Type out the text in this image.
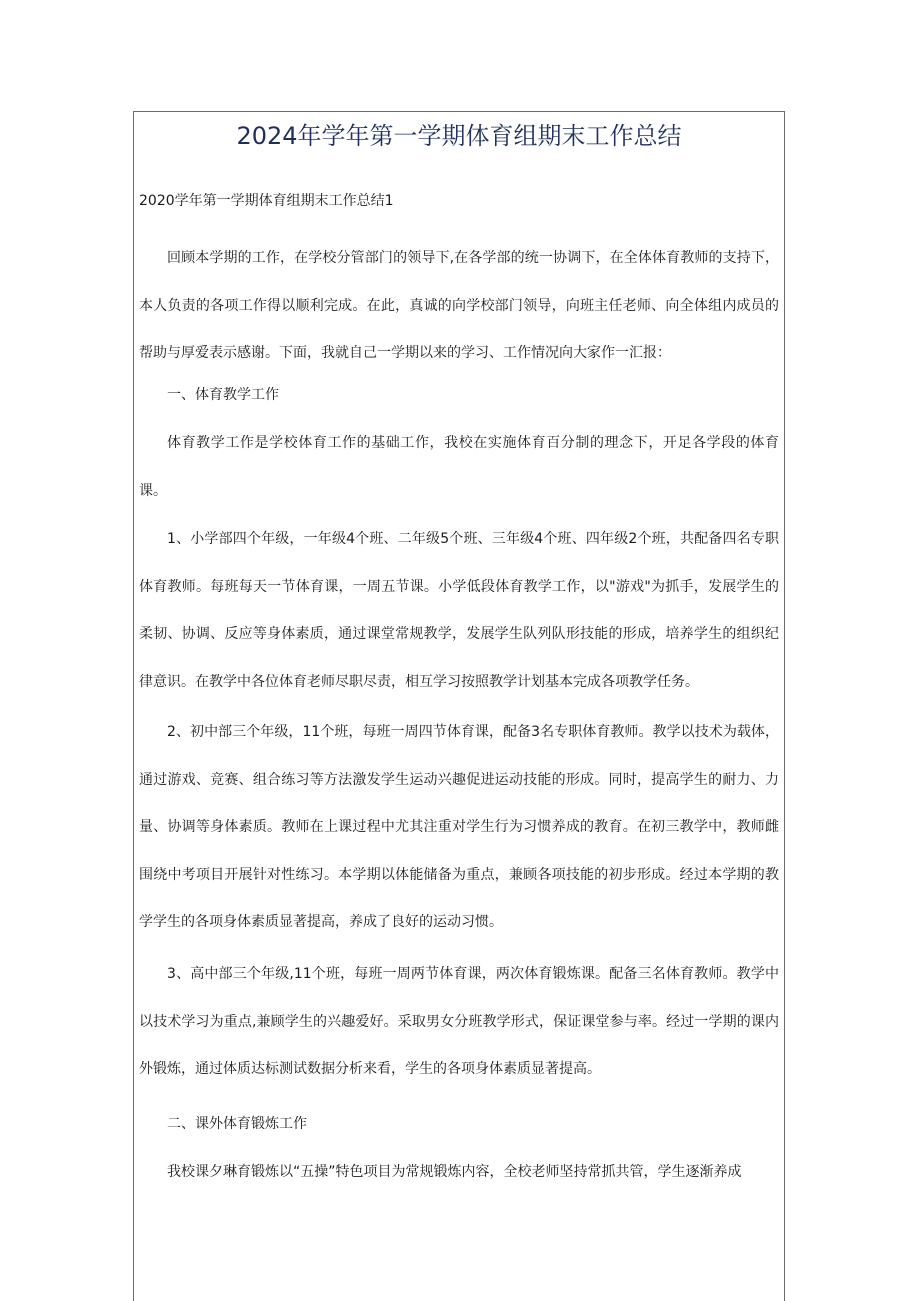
2024年学年第一学期体育组期末工作总结

2020学年第一学期体育组期末工作总结1

回顾本学期的工作，在学校分管部门的领导下,在各学部的统一协调下，在全体体育教师的支持下，本人负责的各项工作得以顺利完成。在此，真诚的向学校部门领导，向班主任老师、向全体组内成员的帮助与厚爱表示感谢。下面，我就自己一学期以来的学习、工作情况向大家作一汇报：

一、体育教学工作

体育教学工作是学校体育工作的基础工作，我校在实施体育百分制的理念下，开足各学段的体育课。

1、小学部四个年级，一年级4个班、二年级5个班、三年级4个班、四年级2个班，共配备四名专职体育教师。每班每天一节体育课，一周五节课。小学低段体育教学工作，以"游戏"为抓手，发展学生的柔韧、协调、反应等身体素质，通过课堂常规教学，发展学生队列队形技能的形成，培养学生的组织纪律意识。在教学中各位体育老师尽职尽责，相互学习按照教学计划基本完成各项教学任务。

2、初中部三个年级，11个班，每班一周四节体育课，配备3名专职体育教师。教学以技术为载体，通过游戏、竞赛、组合练习等方法激发学生运动兴趣促进运动技能的形成。同时，提高学生的耐力、力量、协调等身体素质。教师在上课过程中尤其注重对学生行为习惯养成的教育。在初三教学中，教师雌围绕中考项目开展针对性练习。本学期以体能储备为重点，兼顾各项技能的初步形成。经过本学期的教学学生的各项身体素质显著提高，养成了良好的运动习惯。

3、高中部三个年级,11个班，每班一周两节体育课，两次体育锻炼课。配备三名体育教师。教学中以技术学习为重点,兼顾学生的兴趣爱好。采取男女分班教学形式，保证课堂参与率。经过一学期的课内外锻炼，通过体质达标测试数据分析来看，学生的各项身体素质显著提高。

二、课外体育锻炼工作

我校课夕琳育锻炼以“五操”特色项目为常规锻炼内容，全校老师坚持常抓共管，学生逐渐养成
